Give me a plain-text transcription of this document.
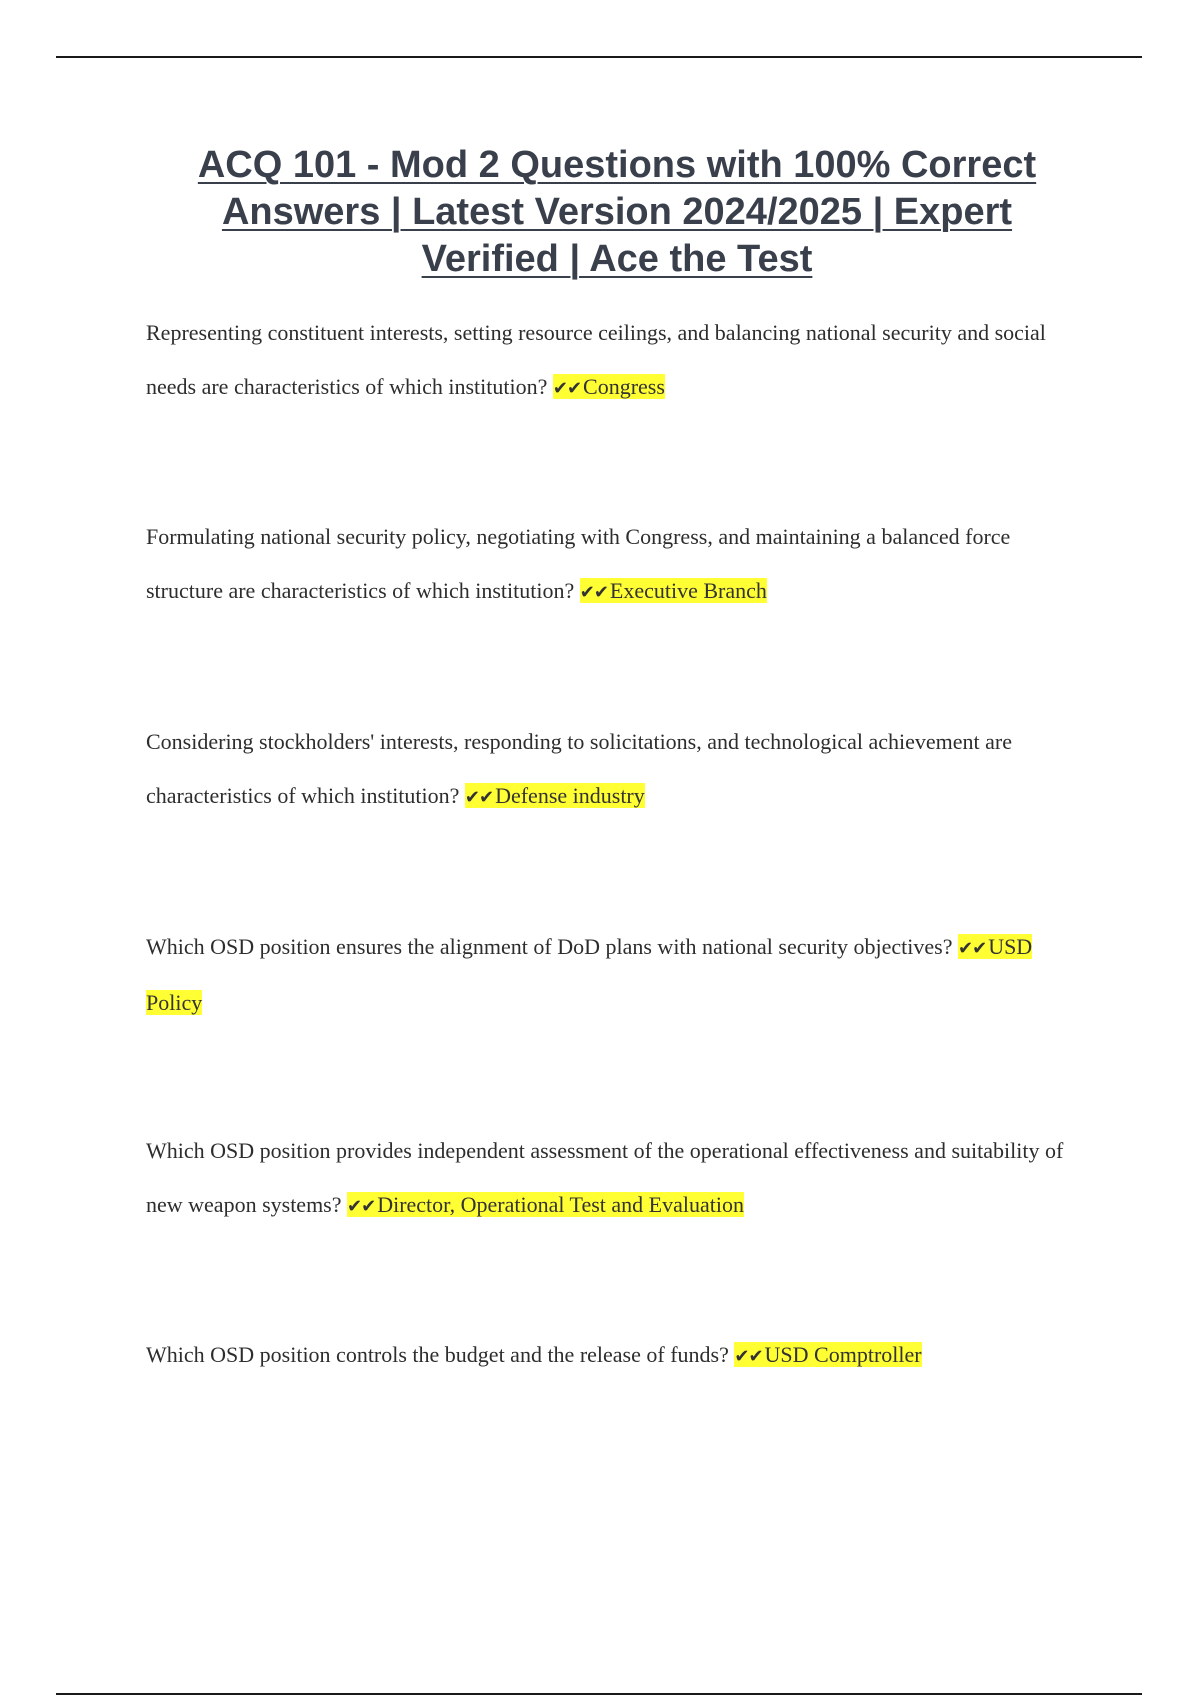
ACQ 101 - Mod 2 Questions with 100% Correct Answers | Latest Version 2024/2025 | Expert Verified | Ace the Test

Representing constituent interests, setting resource ceilings, and balancing national security and social needs are characteristics of which institution? ✔✔Congress

Formulating national security policy, negotiating with Congress, and maintaining a balanced force structure are characteristics of which institution? ✔✔Executive Branch

Considering stockholders' interests, responding to solicitations, and technological achievement are characteristics of which institution? ✔✔Defense industry

Which OSD position ensures the alignment of DoD plans with national security objectives? ✔✔USD Policy

Which OSD position provides independent assessment of the operational effectiveness and suitability of new weapon systems? ✔✔Director, Operational Test and Evaluation

Which OSD position controls the budget and the release of funds? ✔✔USD Comptroller
